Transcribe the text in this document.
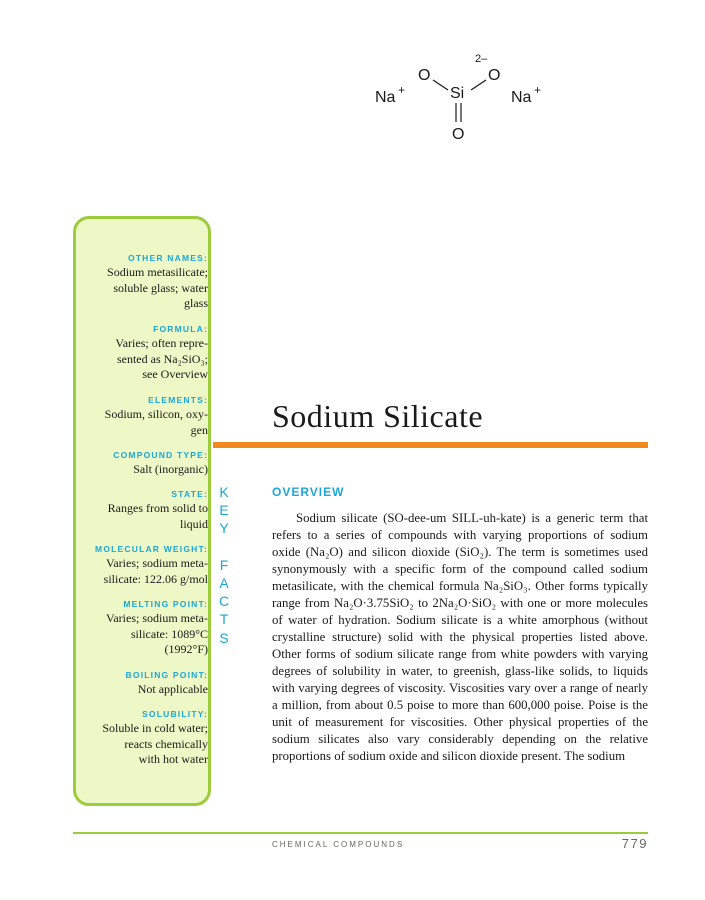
2–
O	O
Si
O
Na +	Na +
OTHER NAMES:
Sodium metasilicate;
soluble glass; water
glass
FORMULA:
Varies; often repre-
sented as Na₂SiO₃;
see Overview
ELEMENTS:
Sodium, silicon, oxy-
gen
COMPOUND TYPE:
Salt (inorganic)
STATE:
Ranges from solid to
liquid
MOLECULAR WEIGHT:
Varies; sodium meta-
silicate: 122.06 g/mol
MELTING POINT:
Varies; sodium meta-
silicate: 1089°C
(1992°F)
BOILING POINT:
Not applicable
SOLUBILITY:
Soluble in cold water;
reacts chemically
with hot water
K
E
Y

F
A
C
T
S
Sodium Silicate
OVERVIEW

Sodium silicate (SO-dee-um SILL-uh-kate) is a generic term that refers to a series of compounds with varying proportions of sodium oxide (Na₂O) and silicon dioxide (SiO₂). The term is sometimes used synonymously with a specific form of the compound called sodium metasilicate, with the chemical formula Na₂SiO₃. Other forms typically range from Na₂O·3.75SiO₂ to 2Na₂O·SiO₂ with one or more molecules of water of hydration. Sodium silicate is a white amorphous (without crystalline structure) solid with the physical properties listed above. Other forms of sodium silicate range from white powders with varying degrees of solubility in water, to greenish, glass-like solids, to liquids with varying degrees of viscosity. Viscosities vary over a range of nearly a million, from about 0.5 poise to more than 600,000 poise. Poise is the unit of measurement for viscosities. Other physical properties of the sodium silicates also vary considerably depending on the relative proportions of sodium oxide and silicon dioxide present. The sodium

CHEMICAL COMPOUNDS	779
